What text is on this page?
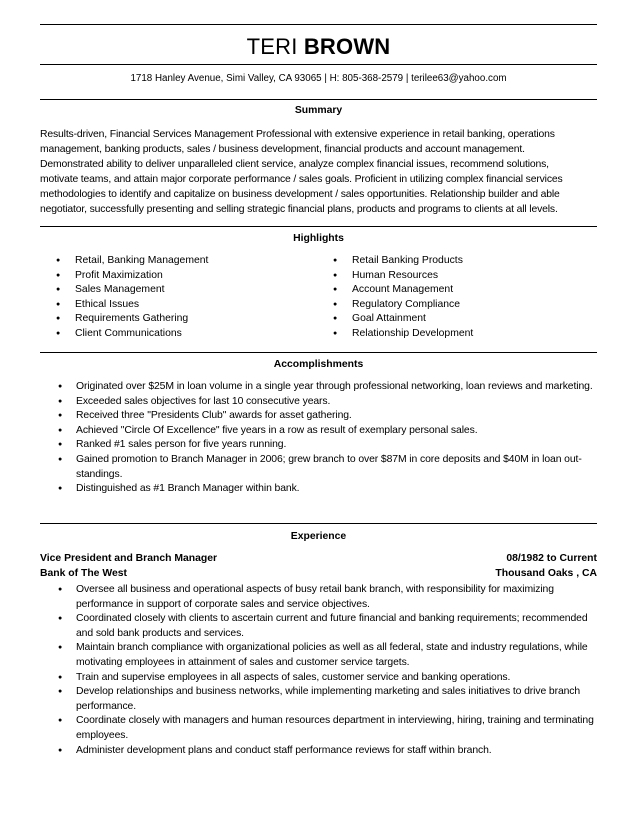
TERI BROWN
1718 Hanley Avenue, Simi Valley, CA 93065 | H: 805-368-2579 | terilee63@yahoo.com
Summary

Results-driven, Financial Services Management Professional with extensive experience in retail banking, operations

management, banking products, sales / business development, financial products and account management.

Demonstrated ability to deliver unparalleled client service, analyze complex financial issues, recommend solutions,

motivate teams, and attain major corporate performance / sales goals. Proficient in utilizing complex financial services

methodologies to identify and capitalize on business development / sales opportunities. Relationship builder and able

negotiator, successfully presenting and selling strategic financial plans, products and programs to clients at all levels.

Highlights
● Retail, Banking Management
● Profit Maximization
● Sales Management
● Ethical Issues
● Requirements Gathering
● Client Communications
● Retail Banking Products
● Human Resources
● Account Management
● Regulatory Compliance
● Goal Attainment
● Relationship Development
Accomplishments
● Originated over $25M in loan volume in a single year through professional networking, loan reviews and marketing.
● Exceeded sales objectives for last 10 consecutive years.
● Received three "Presidents Club" awards for asset gathering.
● Achieved "Circle Of Excellence" five years in a row as result of exemplary personal sales.
● Ranked #1 sales person for five years running.
● Gained promotion to Branch Manager in 2006; grew branch to over $87M in core deposits and $40M in loan out-standings.
● Distinguished as #1 Branch Manager within bank.
Experience
Vice President and Branch Manager	08/1982 to Current
Bank of The West	Thousand Oaks , CA
● Oversee all business and operational aspects of busy retail bank branch, with responsibility for maximizing performance in support of corporate sales and service objectives.
● Coordinated closely with clients to ascertain current and future financial and banking requirements; recommended and sold bank products and services.
● Maintain branch compliance with organizational policies as well as all federal, state and industry regulations, while motivating employees in attainment of sales and customer service targets.
● Train and supervise employees in all aspects of sales, customer service and banking operations.
● Develop relationships and business networks, while implementing marketing and sales initiatives to drive branch performance.
● Coordinate closely with managers and human resources department in interviewing, hiring, training and terminating employees.
● Administer development plans and conduct staff performance reviews for staff within branch.
